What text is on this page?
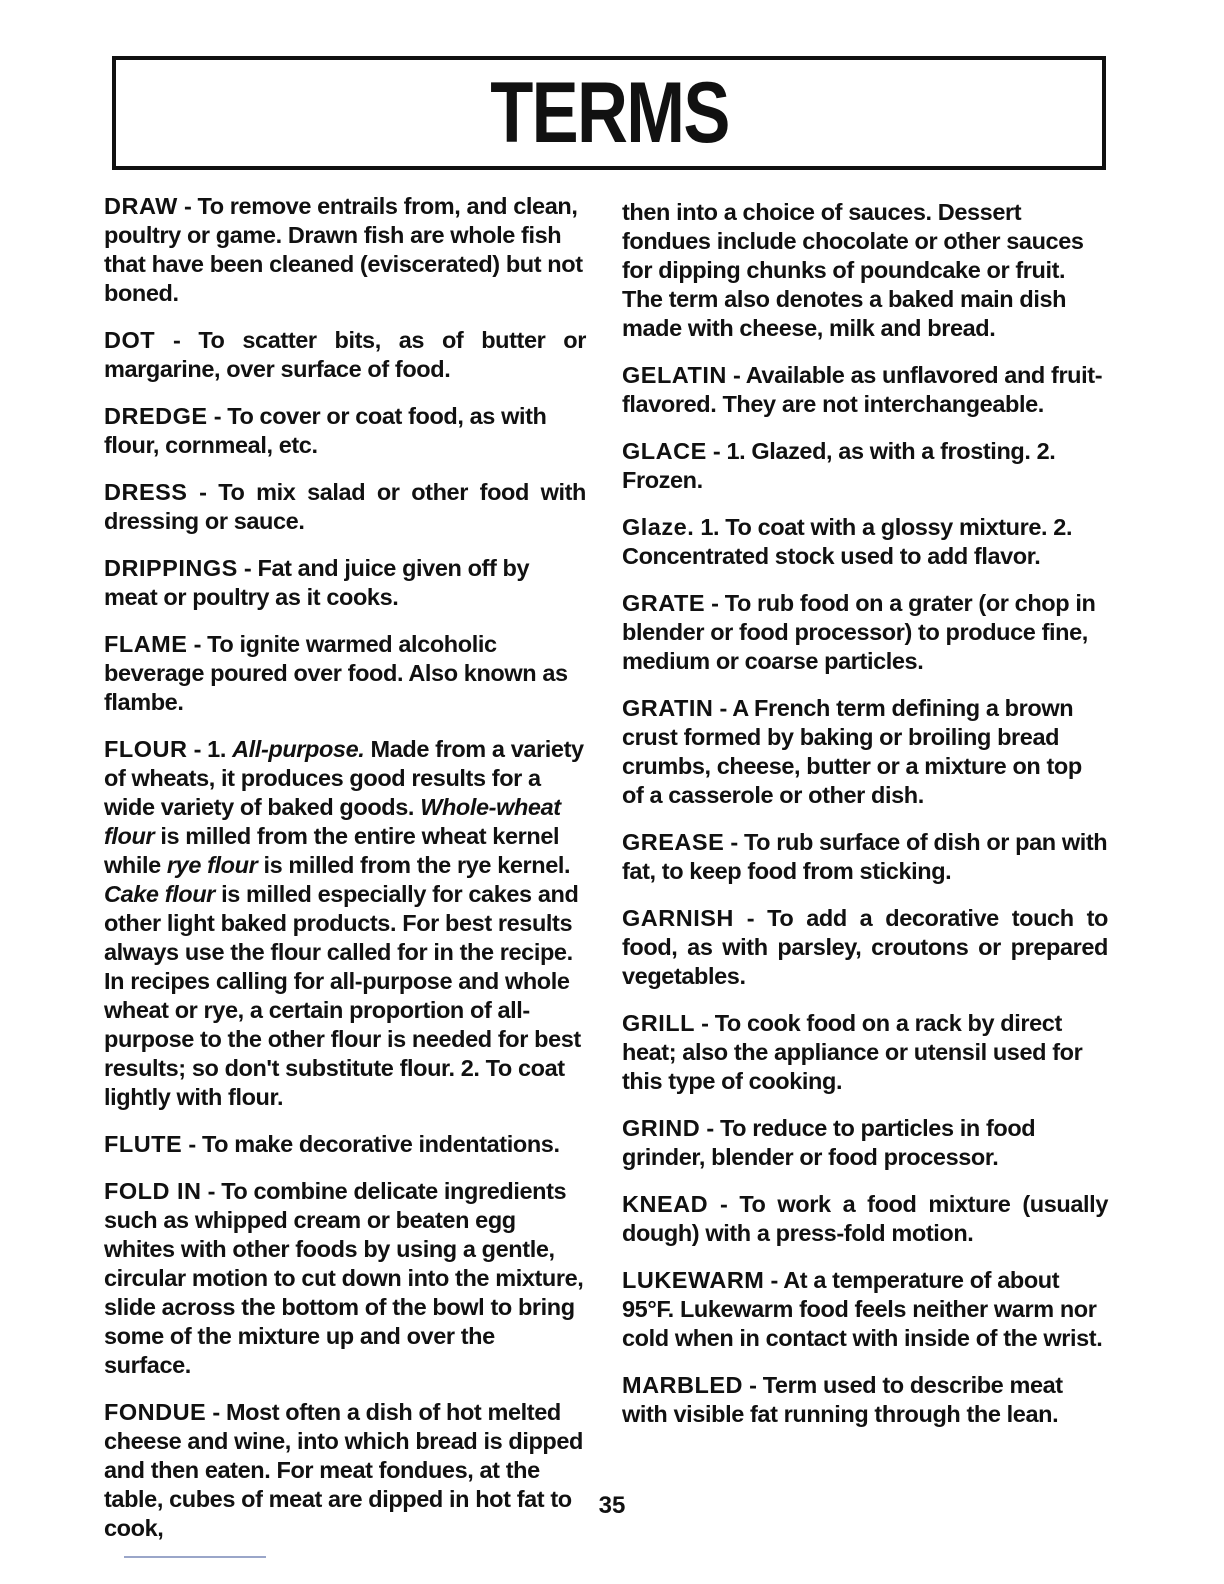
TERMS

DRAW - To remove entrails from, and clean, poultry or game. Drawn fish are whole fish that have been cleaned (eviscerated) but not boned.

DOT - To scatter bits, as of butter or margarine, over surface of food.

DREDGE - To cover or coat food, as with flour, cornmeal, etc.

DRESS - To mix salad or other food with dressing or sauce.

DRIPPINGS - Fat and juice given off by meat or poultry as it cooks.

FLAME - To ignite warmed alcoholic beverage poured over food. Also known as flambe.

FLOUR - 1. All-purpose. Made from a variety of wheats, it produces good results for a wide variety of baked goods. Whole-wheat flour is milled from the entire wheat kernel while rye flour is milled from the rye kernel. Cake flour is milled especially for cakes and other light baked products. For best results always use the flour called for in the recipe. In recipes calling for all-purpose and whole wheat or rye, a certain proportion of all-purpose to the other flour is needed for best results; so don't substitute flour. 2. To coat lightly with flour.

FLUTE - To make decorative indentations.

FOLD IN - To combine delicate ingredients such as whipped cream or beaten egg whites with other foods by using a gentle, circular motion to cut down into the mixture, slide across the bottom of the bowl to bring some of the mixture up and over the surface.

FONDUE - Most often a dish of hot melted cheese and wine, into which bread is dipped and then eaten. For meat fondues, at the table, cubes of meat are dipped in hot fat to cook,

then into a choice of sauces. Dessert fondues include chocolate or other sauces for dipping chunks of poundcake or fruit. The term also denotes a baked main dish made with cheese, milk and bread.

GELATIN - Available as unflavored and fruit-flavored. They are not interchangeable.

GLACE - 1. Glazed, as with a frosting. 2. Frozen.

Glaze. 1. To coat with a glossy mixture. 2. Concentrated stock used to add flavor.

GRATE - To rub food on a grater (or chop in blender or food processor) to produce fine, medium or coarse particles.

GRATIN - A French term defining a brown crust formed by baking or broiling bread crumbs, cheese, butter or a mixture on top of a casserole or other dish.

GREASE - To rub surface of dish or pan with fat, to keep food from sticking.

GARNISH - To add a decorative touch to food, as with parsley, croutons or prepared vegetables.

GRILL - To cook food on a rack by direct heat; also the appliance or utensil used for this type of cooking.

GRIND - To reduce to particles in food grinder, blender or food processor.

KNEAD - To work a food mixture (usually dough) with a press-fold motion.

LUKEWARM - At a temperature of about 95°F. Lukewarm food feels neither warm nor cold when in contact with inside of the wrist.

MARBLED - Term used to describe meat with visible fat running through the lean.

35
